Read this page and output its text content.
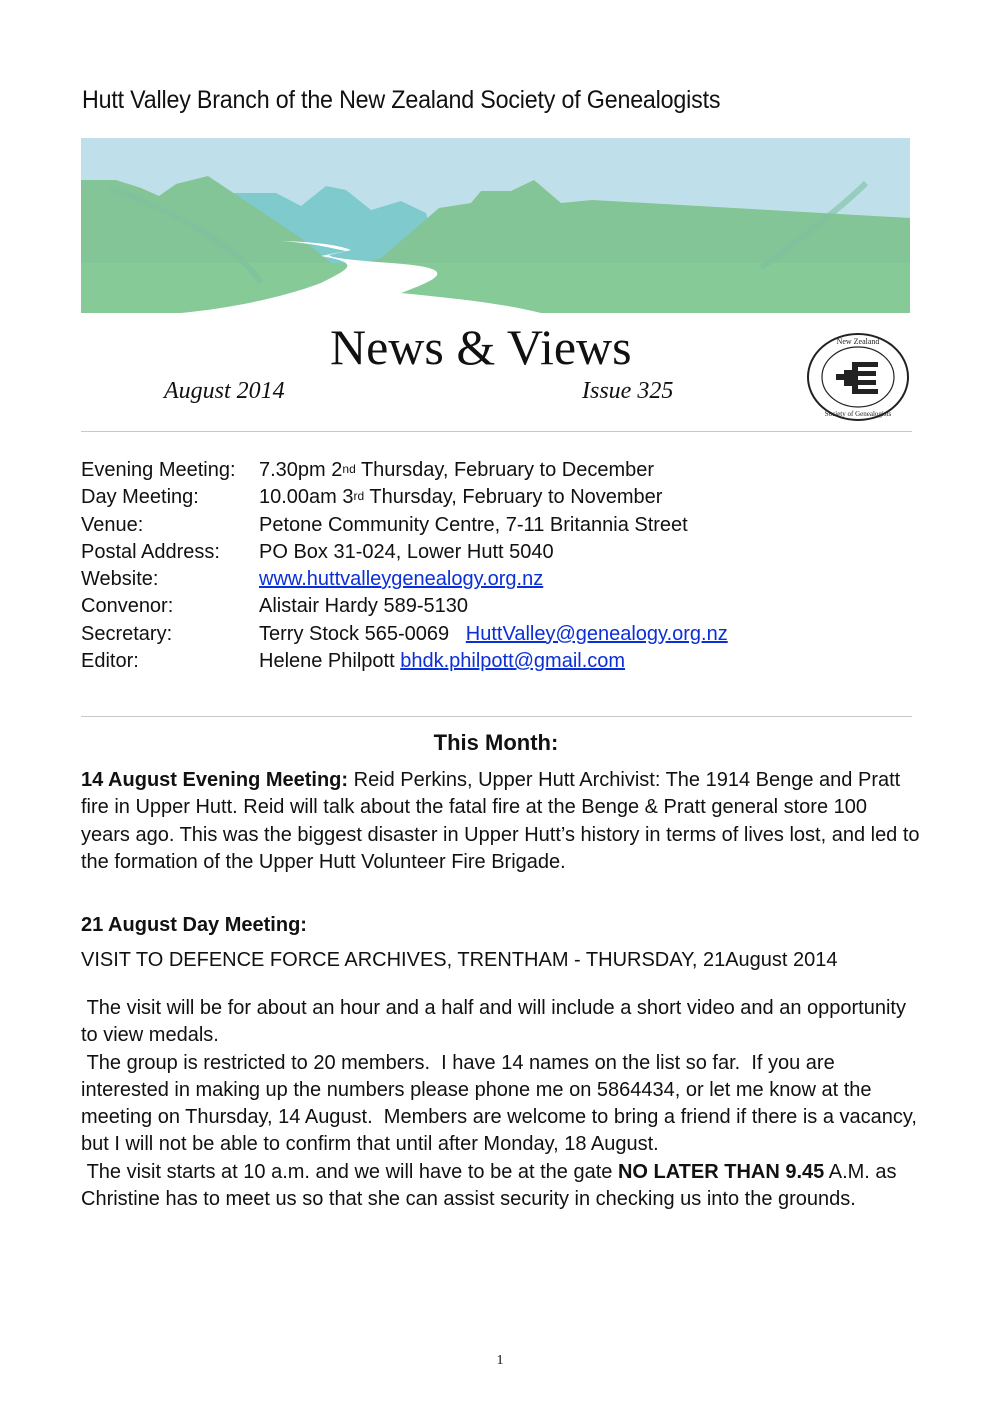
Hutt Valley Branch of the New Zealand Society of Genealogists
News & Views
August 2014	Issue 325
New Zealand
Society of Genealogists
Evening Meeting:	7.30pm 2nd Thursday, February to December
Day Meeting:	10.00am 3rd Thursday, February to November
Venue:	Petone Community Centre, 7-11 Britannia Street
Postal Address:	PO Box 31-024, Lower Hutt 5040
Website:	www.huttvalleygenealogy.org.nz
Convenor:	Alistair Hardy 589-5130
Secretary:	Terry Stock 565-0069 HuttValley@genealogy.org.nz
Editor:	Helene Philpott bhdk.philpott@gmail.com
This Month:
14 August Evening Meeting: Reid Perkins, Upper Hutt Archivist: The 1914 Benge and Pratt fire in Upper Hutt. Reid will talk about the fatal fire at the Benge & Pratt general store 100 years ago. This was the biggest disaster in Upper Hutt’s history in terms of lives lost, and led to the formation of the Upper Hutt Volunteer Fire Brigade.
21 August Day Meeting:
VISIT TO DEFENCE FORCE ARCHIVES, TRENTHAM - THURSDAY, 21August 2014
The visit will be for about an hour and a half and will include a short video and an opportunity to view medals.
The group is restricted to 20 members.  I have 14 names on the list so far.  If you are interested in making up the numbers please phone me on 5864434, or let me know at the meeting on Thursday, 14 August.  Members are welcome to bring a friend if there is a vacancy, but I will not be able to confirm that until after Monday, 18 August.
The visit starts at 10 a.m. and we will have to be at the gate NO LATER THAN 9.45 A.M. as Christine has to meet us so that she can assist security in checking us into the grounds.
1
